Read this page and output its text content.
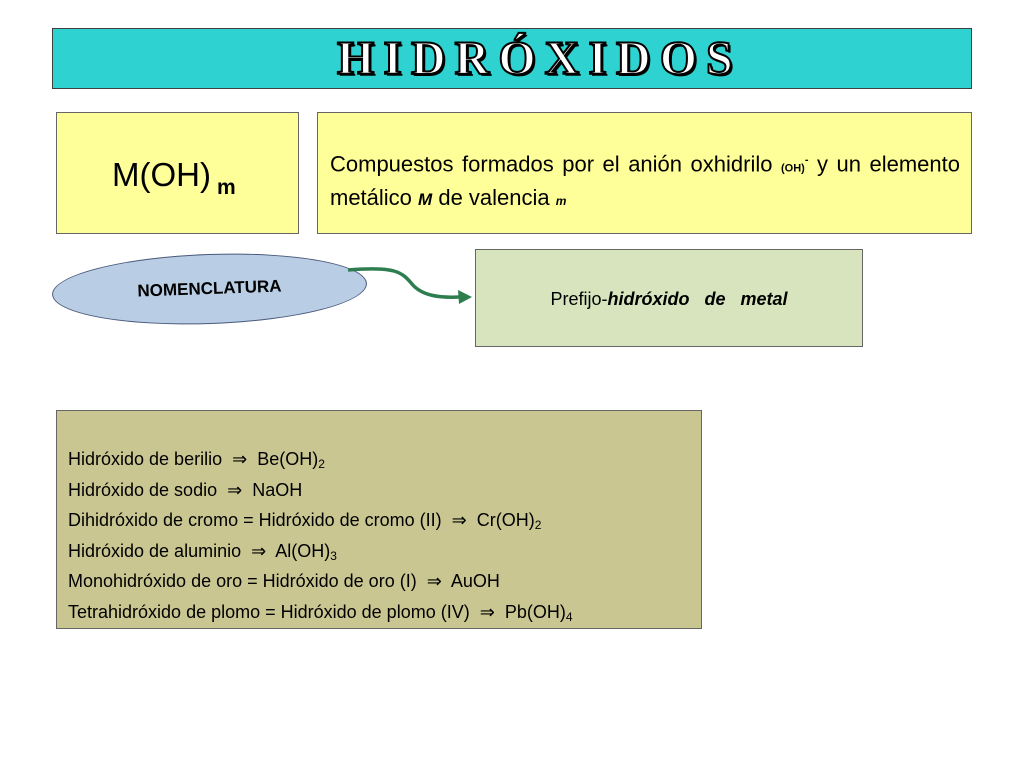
HIDRÓXIDOS
M(OH) $_m$
Compuestos formados por el anión oxhidrilo (OH)- y un elemento metálico M de valencia m
NOMENCLATURA	Prefijo-hidróxido de metal
Hidróxido de berilio ⇒ $Be(OH)_2$
Hidróxido de sodio ⇒ NaOH
Dihidróxido de cromo = Hidróxido de cromo (II) ⇒ $Cr(OH)_2$
Hidróxido de aluminio ⇒ $Al(OH)_3$
Monohidróxido de oro = Hidróxido de oro (I) ⇒ AuOH
Tetrahidróxido de plomo = Hidróxido de plomo (IV) ⇒ $Pb(OH)_4$
